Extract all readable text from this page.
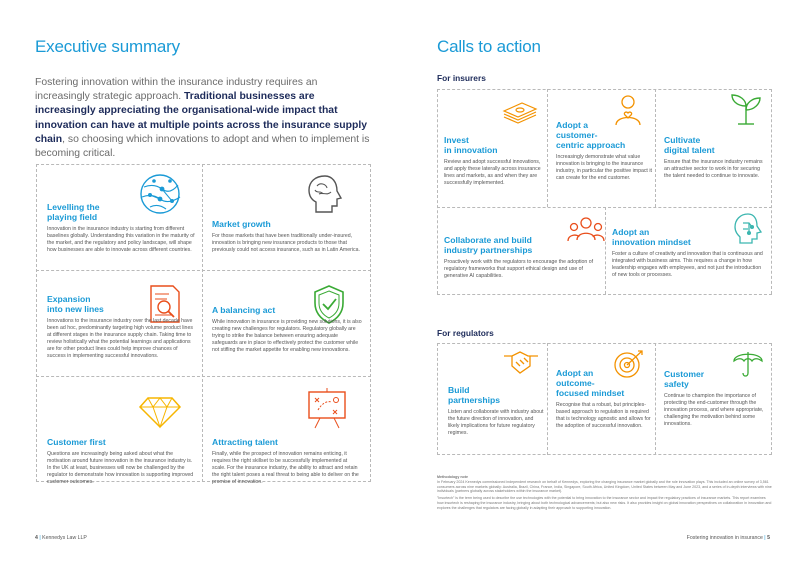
Executive summary
Fostering innovation within the insurance industry requires an increasingly strategic approach. Traditional businesses are increasingly appreciating the organisational-wide impact that innovation can have at multiple points across the insurance supply chain, so choosing which innovations to adopt and when to implement is becoming critical.
Levelling the
playing field
Innovation in the insurance industry is starting from different baselines globally. Understanding this variation in the maturity of the market, and the regulatory and policy landscape, will shape how businesses are able to innovate across different countries.
Market growth
For those markets that have been traditionally under-insured, innovation is bringing new insurance products to those that previously could not access insurance, such as in Latin America.
Expansion
into new lines
Innovations to the insurance industry over the last decade have been ad hoc, predominantly targeting high volume product lines at different stages in the insurance supply chain. Taking time to review holistically what the potential learnings and applications are for other product lines could help improve chances of success in implementing successful innovations.
A balancing act
While innovation in insurance is providing new solutions, it is also creating new challenges for regulators. Regulatory globally are trying to strike the balance between ensuring adequate safeguards are in place to effectively protect the customer while not stifling the market appetite for enabling new innovations.
Customer first
Questions are increasingly being asked about what the motivation around future innovation in the insurance industry is. In the UK at least, businesses will now be challenged by the regulator to demonstrate how innovation is supporting improved customer outcomes.
Attracting talent
Finally, while the prospect of innovation remains enticing, it requires the right skillset to be successfully implemented at scale. For the insurance industry, the ability to attract and retain the right talent poses a real threat to being able to deliver on the promise of innovation.
4 | Kennedys Law LLP
Calls to action
For insurers
Invest
in innovation
Review and adopt successful innovations, and apply these laterally across insurance lines and markets, as and when they are successfully implemented.
Adopt a
customer-
centric approach
Increasingly demonstrate what value innovation is bringing to the insurance industry, in particular the positive impact it can create for the end customer.
Cultivate
digital talent
Ensure that the insurance industry remains an attractive sector to work in for securing the talent needed to continue to innovate.
Collaborate and build
industry partnerships
Proactively work with the regulators to encourage the adoption of regulatory frameworks that support ethical design and use of generative AI capabilities.
Adopt an
innovation mindset
Foster a culture of creativity and innovation that is continuous and integrated with business aims. This requires a change in how leadership engages with employees, and not just the introduction of new tools or processes.
For regulators
Build
partnerships
Listen and collaborate with industry about the future direction of innovation, and likely implications for future regulatory regimes.
Adopt an
outcome-
focused mindset
Recognise that a robust, but principles-based approach to regulation is required that is technology agnostic and allows for the adoption of successful innovation.
Customer
safety
Continue to champion the importance of protecting the end-customer through the innovation process, and where appropriate, challenging the motivation behind some innovations.
Methodology note
In February 2024 Kennedys commissioned independent research on behalf of Kennedys, exploring the changing insurance market globally and the role innovation plays. This included an online survey of 3,561 consumers across nine markets globally: Australia, Brazil, China, France, India, Singapore, South Africa, United Kingdom, United States between May and June 2023, and a series of in-depth interviews with nine individuals (partners globally across stakeholders within the insurance market).
"Insurtech" is the term being used to describe the use technologies with the potential to bring innovation to the insurance sector and impact the regulatory practices of insurance markets. This report examines how insurtech is reshaping the insurance industry, bringing about both technological advancements; but also new risks. It also provides insight on global innovation perspectives on collaboration in innovation and explores the challenges that regulators are facing globally in adapting their approach to supporting innovation.
Fostering innovation in insurance | 5
